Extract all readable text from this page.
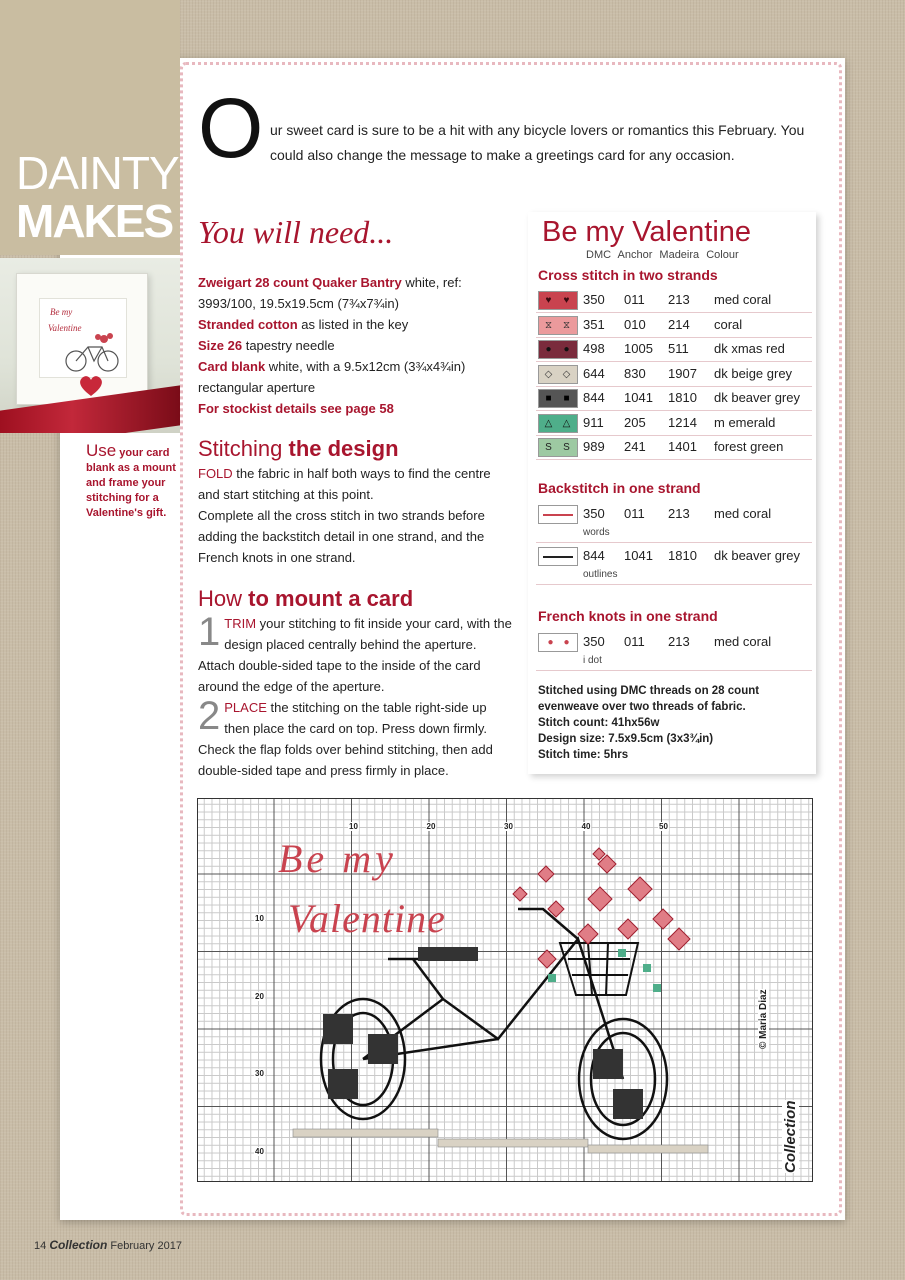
DAINTY
MAKES
Be my
Valentine
Use your card blank as a mount and frame your stitching for a Valentine's gift.
O ur sweet card is sure to be a hit with any bicycle lovers or romantics this February. You could also change the message to make a greetings card for any occasion.
You will need...
Zweigart 28 count Quaker Bantry white, ref: 3993/100, 19.5x19.5cm (7¾x7¾in)
Stranded cotton as listed in the key
Size 26 tapestry needle
Card blank white, with a 9.5x12cm (3¾x4¾in) rectangular aperture
For stockist details see page 58
Stitching the design
FOLD the fabric in half both ways to find the centre and start stitching at this point.
Complete all the cross stitch in two strands before adding the backstitch detail in one strand, and the French knots in one strand.
How to mount a card
1 TRIM your stitching to fit inside your card, with the design placed centrally behind the aperture. Attach double-sided tape to the inside of the card around the edge of the aperture.
2 PLACE the stitching on the table right-side up then place the card on top. Press down firmly. Check the flap folds over behind stitching, then add double-sided tape and press firmly in place.
Be my Valentine
DMC Anchor Madeira Colour
Cross stitch in two strands
♥	♥	350 011 213 med coral
⧖	⧖ 351 010 214 coral
●	●	498 1005 511 dk xmas red
◇	◇ 644 830 1907 dk beige grey
■	■	844 1041 1810 dk beaver grey
△	△ 911 205 1214 m emerald
S	S	989 241 1401 forest green
Backstitch in one strand
350 011 213 med coral
words
844 1041 1810 dk beaver grey
outlines
French knots in one strand
● ●	350 011 213 med coral
i dot
Stitched using DMC threads on 28 count
evenweave over two threads of fabric.
Stitch count: 41hx56w
Design size: 7.5x9.5cm (3x3¾in)
Stitch time: 5hrs
10	20	30	40	50
10
20
30
40
Be my
Valentine
© Maria Diaz
Collection
14 Collection February 2017
